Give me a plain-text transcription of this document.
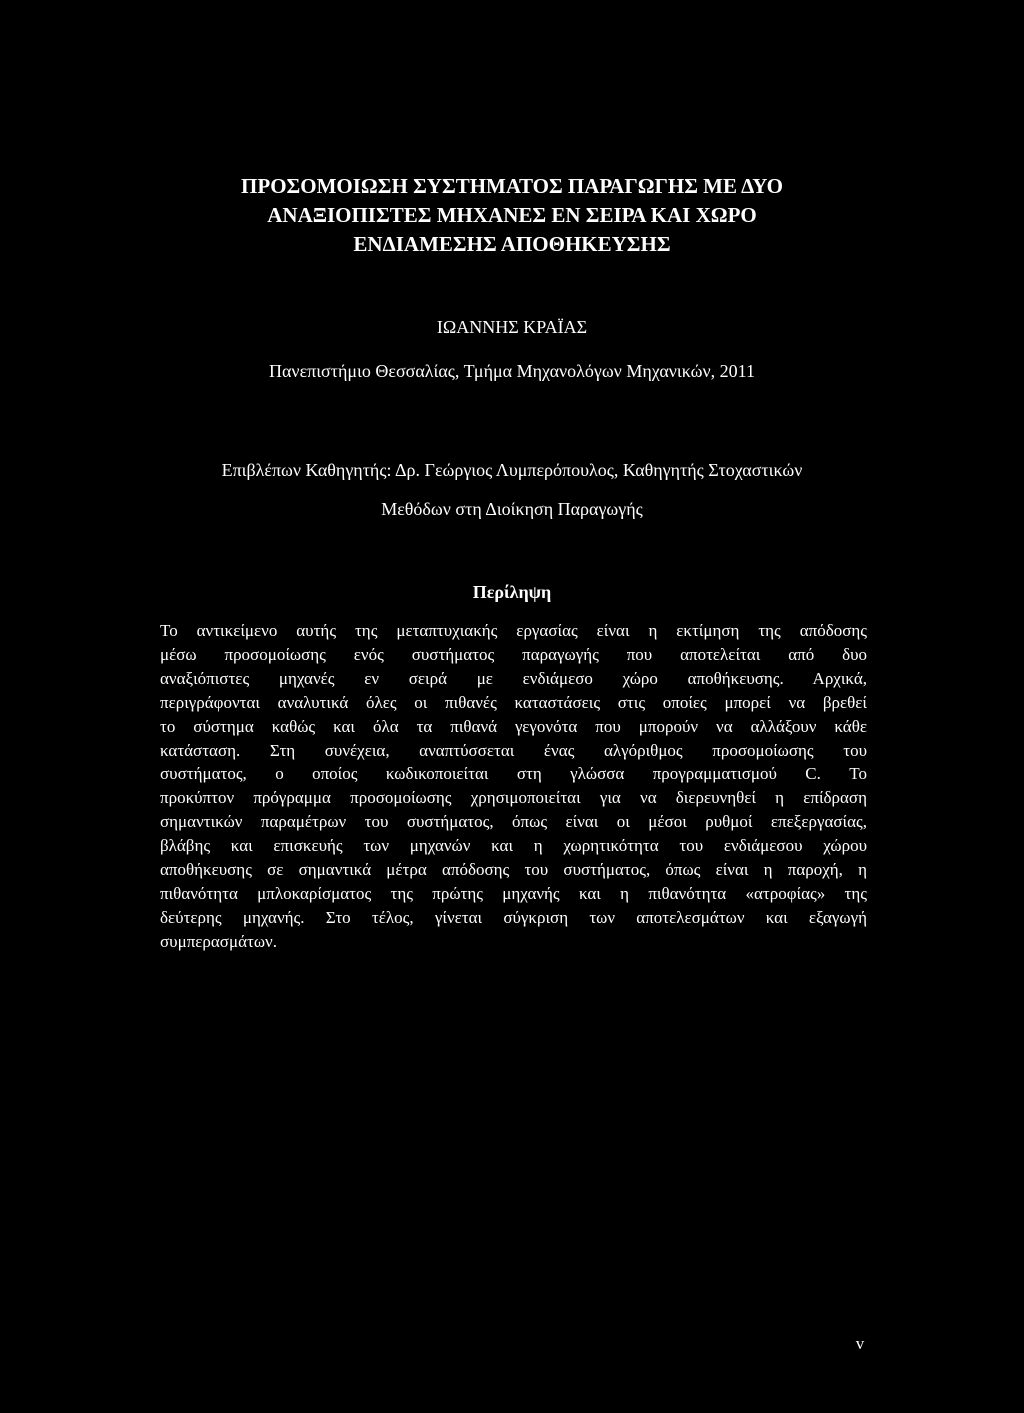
ΠΡΟΣΟΜΟΙΩΣΗ ΣΥΣΤΗΜΑΤΟΣ ΠΑΡΑΓΩΓΗΣ ΜΕ ΔΥΟ
ΑΝΑΞΙΟΠΙΣΤΕΣ ΜΗΧΑΝΕΣ ΕΝ ΣΕΙΡΑ ΚΑΙ ΧΩΡΟ
ΕΝΔΙΑΜΕΣΗΣ ΑΠΟΘΗΚΕΥΣΗΣ
ΙΩΑΝΝΗΣ ΚΡΑΪΑΣ
Πανεπιστήμιο Θεσσαλίας, Τμήμα Μηχανολόγων Μηχανικών, 2011
Επιβλέπων Καθηγητής: Δρ. Γεώργιος Λυμπερόπουλος, Καθηγητής Στοχαστικών
Μεθόδων στη Διοίκηση Παραγωγής
Περίληψη
Το αντικείμενο αυτής της μεταπτυχιακής εργασίας είναι η εκτίμηση της απόδοσης
μέσω προσομοίωσης ενός συστήματος παραγωγής που αποτελείται από δυο
αναξιόπιστες μηχανές εν σειρά με ενδιάμεσο χώρο αποθήκευσης. Αρχικά,
περιγράφονται αναλυτικά όλες οι πιθανές καταστάσεις στις οποίες μπορεί να βρεθεί
το σύστημα καθώς και όλα τα πιθανά γεγονότα που μπορούν να αλλάξουν κάθε
κατάσταση. Στη συνέχεια, αναπτύσσεται ένας αλγόριθμος προσομοίωσης του
συστήματος, ο οποίος κωδικοποιείται στη γλώσσα προγραμματισμού C. Το
προκύπτον πρόγραμμα προσομοίωσης χρησιμοποιείται για να διερευνηθεί η επίδραση
σημαντικών παραμέτρων του συστήματος, όπως είναι οι μέσοι ρυθμοί επεξεργασίας,
βλάβης και επισκευής των μηχανών και η χωρητικότητα του ενδιάμεσου χώρου
αποθήκευσης σε σημαντικά μέτρα απόδοσης του συστήματος, όπως είναι η παροχή, η
πιθανότητα μπλοκαρίσματος της πρώτης μηχανής και η πιθανότητα «ατροφίας» της
δεύτερης μηχανής. Στο τέλος, γίνεται σύγκριση των αποτελεσμάτων και εξαγωγή
συμπερασμάτων.
v
